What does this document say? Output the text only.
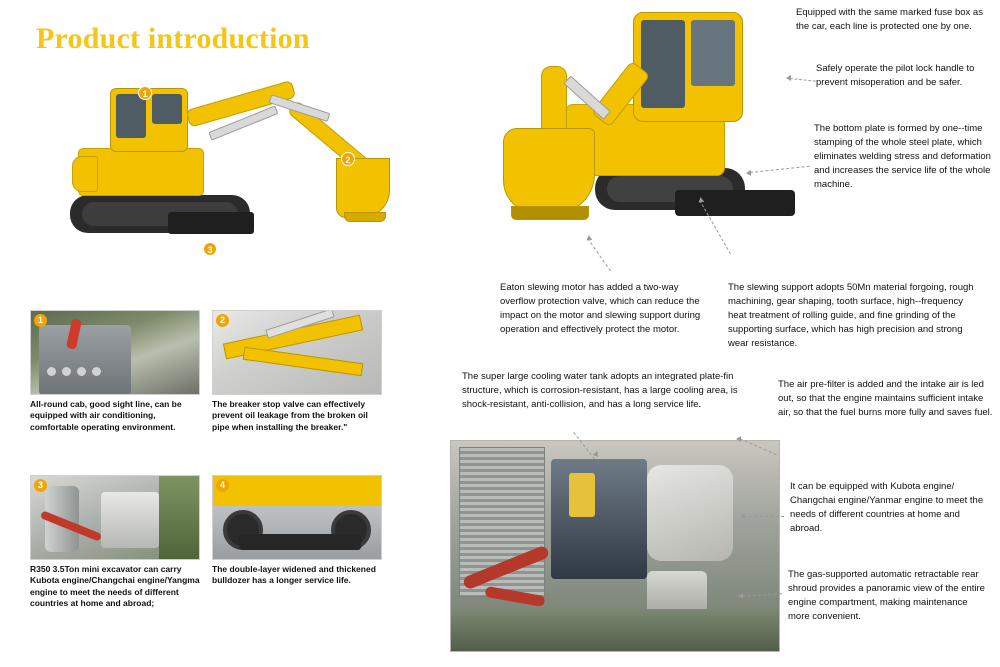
Product introduction
1
2
3
1
All-round cab, good sight line, can be equipped with air conditioning, comfortable operating environment.
2
The breaker stop valve can effectively prevent oil leakage from the broken oil pipe when installing the breaker."
3
R350 3.5Ton mini excavator can carry Kubota engine/Changchai engine/Yangma engine to meet the needs of different countries at home and abroad;
4
The double-layer widened and thickened bulldozer has a longer service life.
Equipped with the same marked fuse box as the car, each line is protected one by one.
Safely operate the pilot lock handle to prevent misoperation and be safer.
The bottom plate is formed by one--time stamping of the whole steel plate, which eliminates welding stress and deformation and increases the service life of the whole machine.
Eaton slewing motor has added a two-way overflow protection valve, which can reduce the impact on the motor and slewing support during operation and effectively protect the motor.
The slewing support adopts 50Mn material forgoing, rough machining, gear shaping, tooth surface, high--frequency heat treatment of rolling guide, and fine grinding of the supporting surface, which has high precision and strong wear resistance.
The super large cooling water tank adopts an integrated plate-fin structure, which is corrosion-resistant, has a large cooling area, is shock-resistant, anti-collision, and has a long service life.
The air pre-filter is added and the intake air is led out, so that the engine maintains sufficient intake air, so that the fuel burns more fully and saves fuel.
It can be equipped with Kubota engine/ Changchai engine/Yanmar engine to meet the needs of different countries at home and abroad.
The gas-supported automatic retractable rear shroud provides a panoramic view of the entire engine compartment, making maintenance more convenient.
